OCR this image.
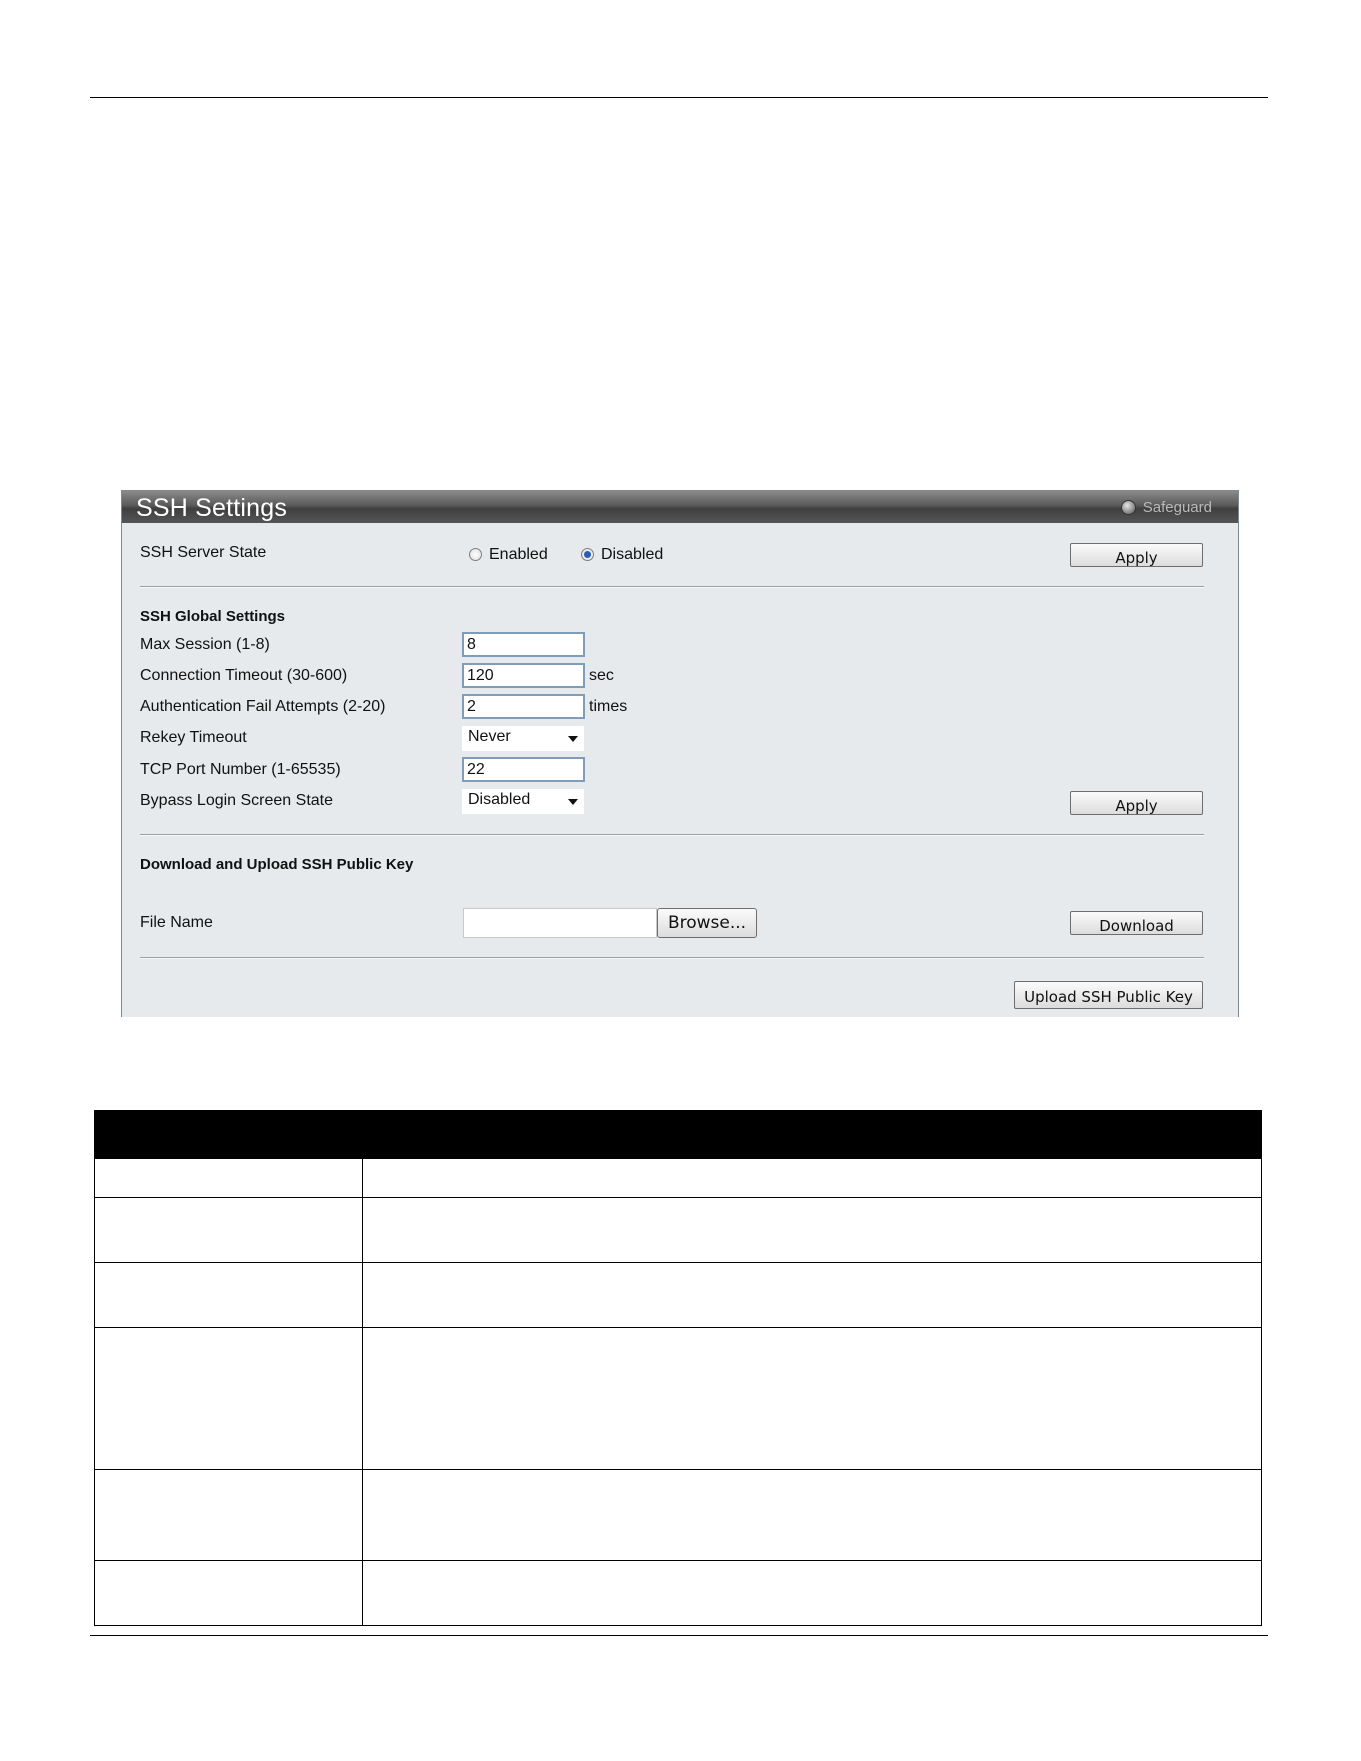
SSH Settings	Safeguard
SSH Server State	Enabled	Disabled	Apply
SSH Global Settings
Max Session (1-8)	8
Connection Timeout (30-600)	120	sec
Authentication Fail Attempts (2-20)	2	times
Rekey Timeout	Never
TCP Port Number (1-65535)	22
Bypass Login Screen State	Disabled	Apply
Download and Upload SSH Public Key
File Name	Browse...	Download
Upload SSH Public Key
